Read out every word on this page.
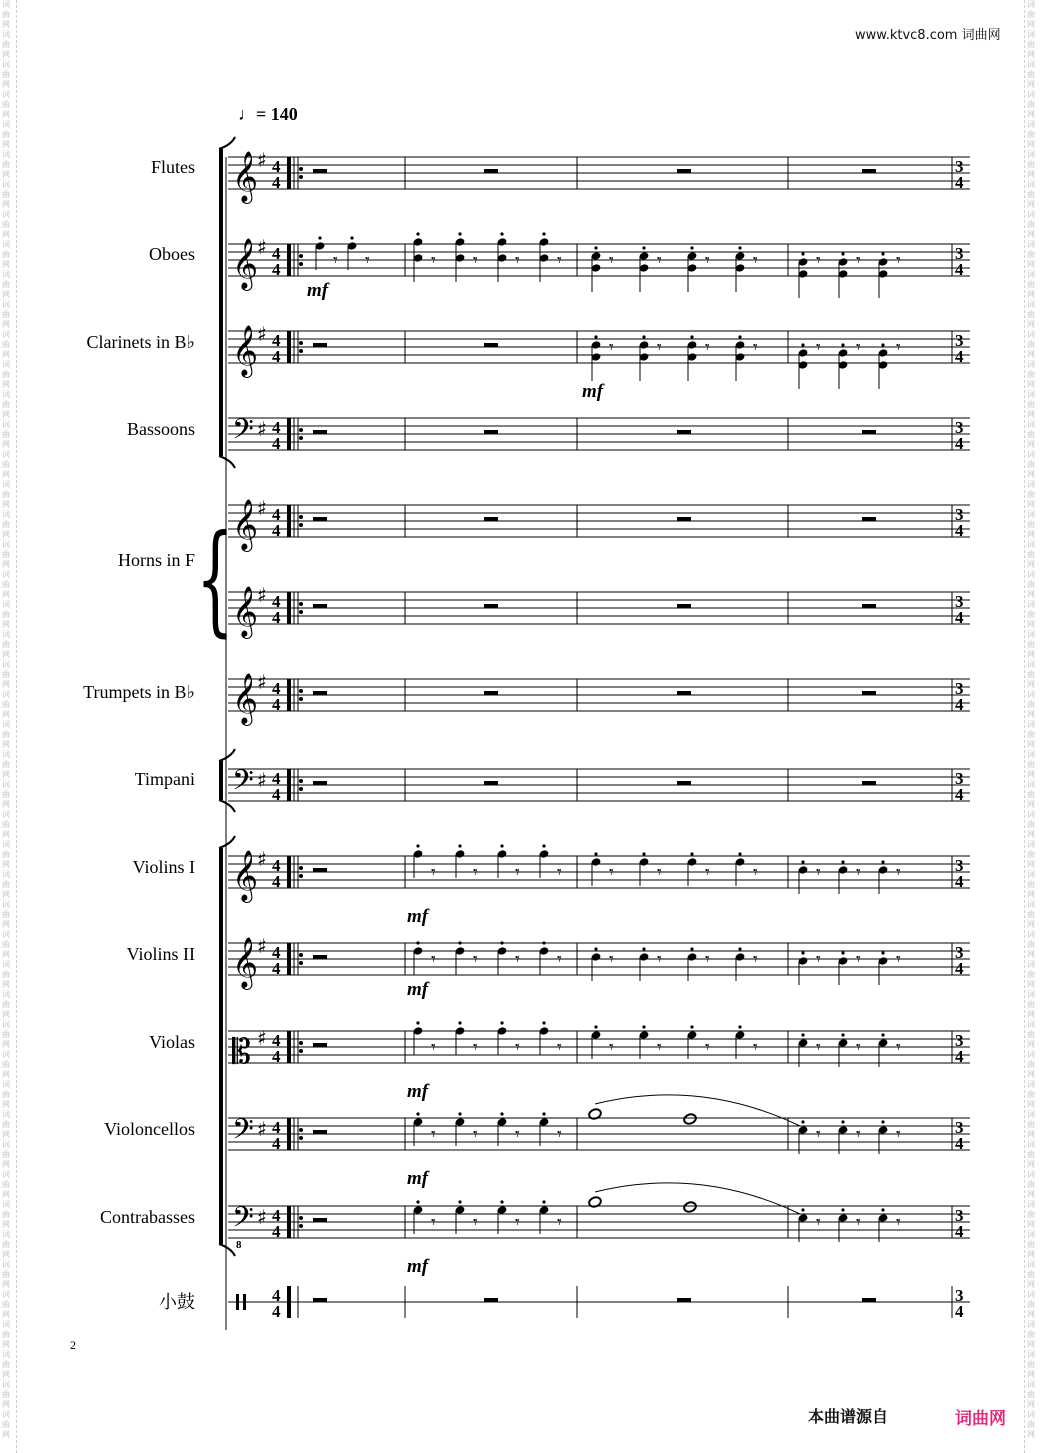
词曲网 词曲网 词曲网 词曲网 词曲网 词曲网 词曲网 词曲网 词曲网 词曲网 词曲网 词曲网 词曲网 词曲网 词曲网 词曲网 词曲网 词曲网 词曲网 词曲网 词曲网 词曲网 词曲网 词曲网 词曲网 词曲网 词曲网 词曲网 词曲网 词曲网 词曲网 词曲网 词曲网 词曲网 词曲网 词曲网 词曲网 词曲网 词曲网 词曲网 词曲网 词曲网 词曲网 词曲网 词曲网 词曲网 词曲网 词曲网
词曲网 词曲网 词曲网 词曲网 词曲网 词曲网 词曲网 词曲网 词曲网 词曲网 词曲网 词曲网 词曲网 词曲网 词曲网 词曲网 词曲网 词曲网 词曲网 词曲网 词曲网 词曲网 词曲网 词曲网 词曲网 词曲网 词曲网 词曲网 词曲网 词曲网 词曲网 词曲网 词曲网 词曲网 词曲网 词曲网 词曲网 词曲网 词曲网 词曲网 词曲网 词曲网 词曲网 词曲网 词曲网 词曲网 词曲网 词曲网
www.ktvc8.com 词曲网
♩= 140
𝄞
♯ 4
4
3
4
Flutes
𝄞
♯ 4
4
3
4
Oboes
mf
𝄞
♯ 4
4
3
4
Clarinets in B♭
mf
𝄢 ♯ 4
4
3
4
Bassoons
𝄞
♯ 4
4
3
4
Horns in F
𝄞
♯ 4
4
3
4
𝄞
♯ 4
4
3
4
Trumpets in B♭
𝄢 ♯ 4
4
3
4
Timpani
𝄞
♯ 4
4
3
4
Violins I
mf
𝄞
♯ 4
4
3
4
Violins II
mf
𝄡 ♯ 4
4
3
4
Violas
mf
𝄢 ♯ 4
4
3
4
Violoncellos
mf
𝄢 ♯ 4
4
3
4
Contrabasses
mf
8
小鼓	4
4
3
4
{
𝄾 𝄾	𝄾 𝄾 𝄾 𝄾	𝄾 𝄾 𝄾 𝄾	𝄾 𝄾 𝄾
𝄾 𝄾 𝄾 𝄾	𝄾 𝄾 𝄾
𝄾 𝄾 𝄾 𝄾	𝄾 𝄾 𝄾 𝄾	𝄾 𝄾 𝄾
𝄾 𝄾 𝄾 𝄾	𝄾 𝄾 𝄾 𝄾	𝄾 𝄾 𝄾
𝄾 𝄾 𝄾 𝄾	𝄾 𝄾 𝄾 𝄾	𝄾 𝄾 𝄾
𝄾 𝄾 𝄾 𝄾	𝄾 𝄾 𝄾
𝄾 𝄾 𝄾 𝄾	𝄾 𝄾 𝄾
2
本曲谱源自	词曲网
